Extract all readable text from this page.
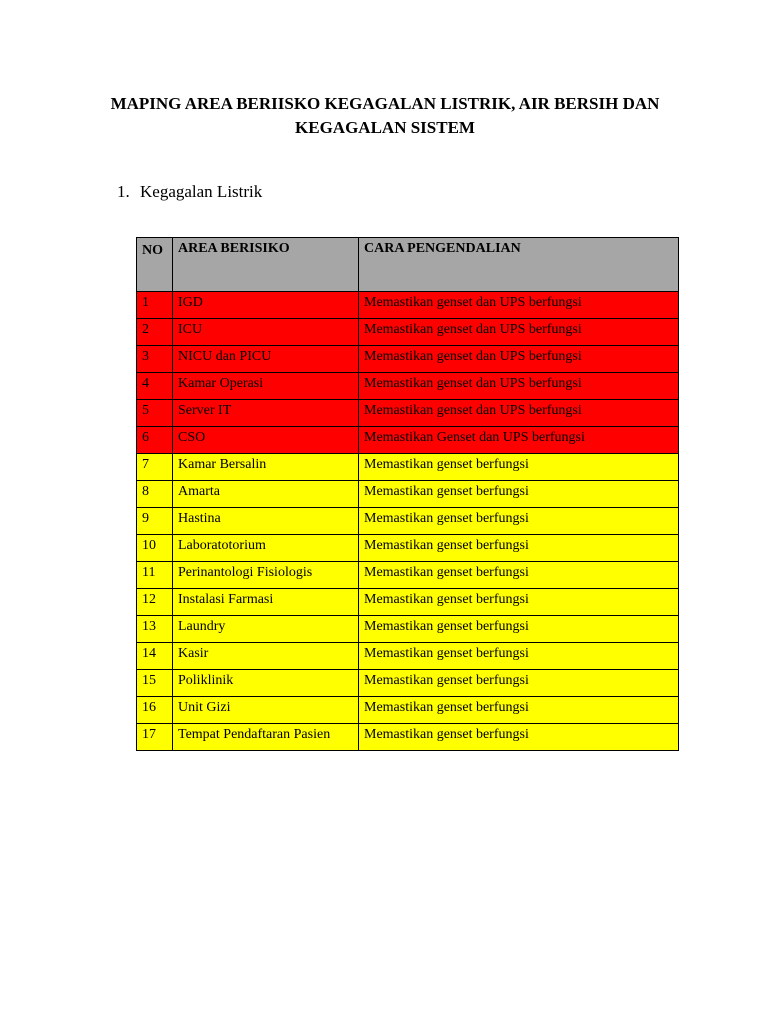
MAPING AREA BERIISKO KEGAGALAN LISTRIK, AIR BERSIH DAN
KEGAGALAN SISTEM
1. Kegagalan Listrik
NO	AREA BERISIKO	CARA PENGENDALIAN
1	IGD	Memastikan genset dan UPS berfungsi
2	ICU	Memastikan genset dan UPS berfungsi
3	NICU dan PICU	Memastikan genset dan UPS berfungsi
4	Kamar Operasi	Memastikan genset dan UPS berfungsi
5	Server IT	Memastikan genset dan UPS berfungsi
6	CSO	Memastikan Genset dan UPS berfungsi
7	Kamar Bersalin	Memastikan genset berfungsi
8	Amarta	Memastikan genset berfungsi
9	Hastina	Memastikan genset berfungsi
10	Laboratotorium	Memastikan genset berfungsi
11	Perinantologi Fisiologis	Memastikan genset berfungsi
12	Instalasi Farmasi	Memastikan genset berfungsi
13	Laundry	Memastikan genset berfungsi
14	Kasir	Memastikan genset berfungsi
15	Poliklinik	Memastikan genset berfungsi
16	Unit Gizi	Memastikan genset berfungsi
17	Tempat Pendaftaran Pasien	Memastikan genset berfungsi
